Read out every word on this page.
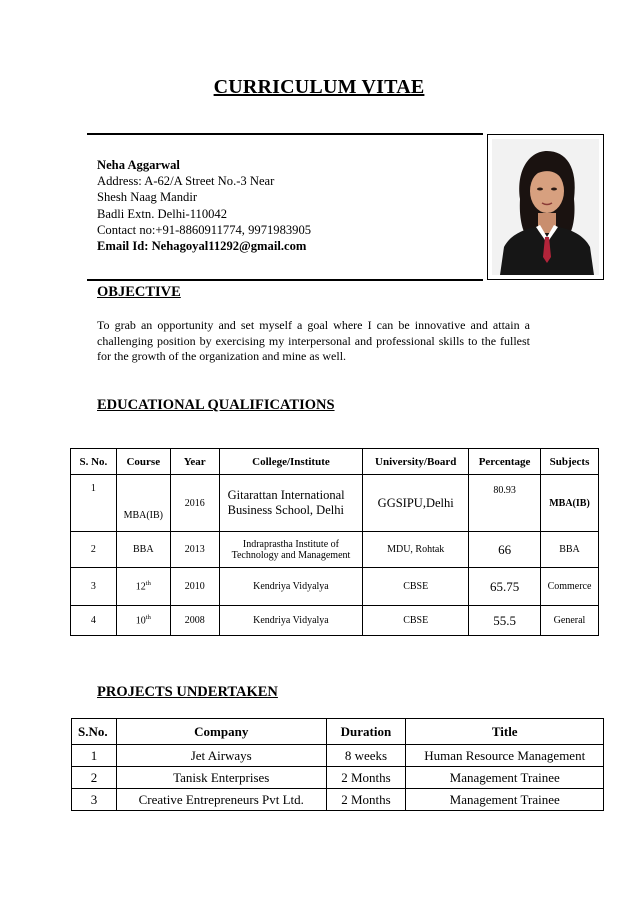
CURRICULUM VITAE
Neha Aggarwal
Address: A-62/A Street No.-3 Near
Shesh Naag Mandir
Badli Extn. Delhi-110042
Contact no:+91-8860911774, 9971983905
Email Id: Nehagoyal11292@gmail.com
OBJECTIVE
To grab an opportunity and set myself a goal where I can be innovative and attain a challenging position by exercising my interpersonal and professional skills to the fullest for the growth of the organization and mine as well.
EDUCATIONAL QUALIFICATIONS
S. No.	Course	Year	College/Institute	University/Board	Percentage	Subjects
1	MBA(IB)	2016	Gitarattan International Business School, Delhi	GGSIPU,Delhi	80.93	MBA(IB)
2	BBA	2013	Indraprastha Institute of Technology and Management	MDU, Rohtak	66	BBA
3	12th	2010	Kendriya Vidyalya	CBSE	65.75	Commerce
4	10th	2008	Kendriya Vidyalya	CBSE	55.5	General
PROJECTS UNDERTAKEN
S.No.	Company	Duration	Title
1	Jet Airways	8 weeks	Human Resource Management
2	Tanisk Enterprises	2 Months	Management Trainee
3	Creative Entrepreneurs Pvt Ltd.	2 Months	Management Trainee
